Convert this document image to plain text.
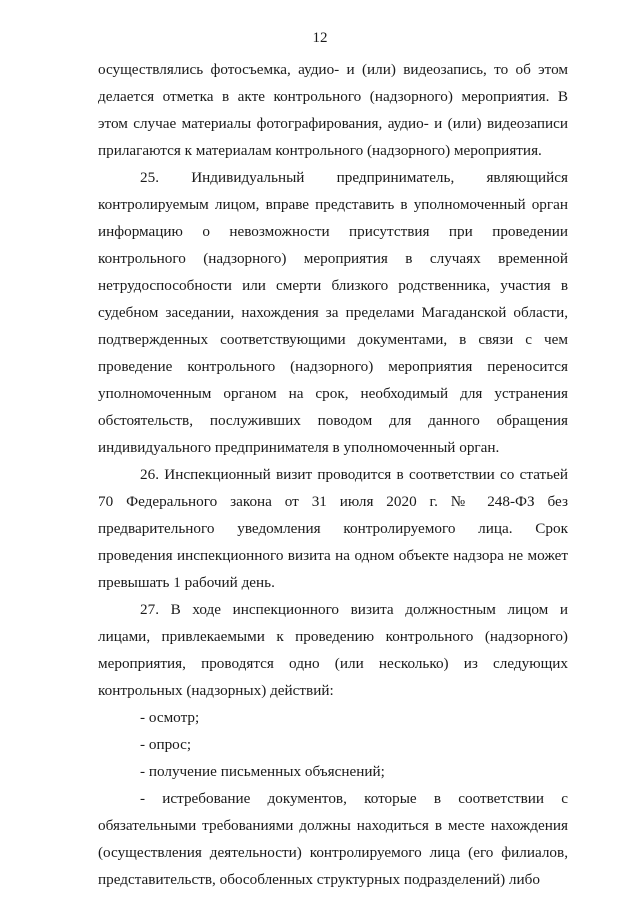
12

осуществлялись фотосъемка, аудио- и (или) видеозапись, то об этом делается отметка в акте контрольного (надзорного) мероприятия. В этом случае материалы фотографирования, аудио- и (или) видеозаписи прилагаются к материалам контрольного (надзорного) мероприятия.

25. Индивидуальный предприниматель, являющийся контролируемым лицом, вправе представить в уполномоченный орган информацию о невозможности присутствия при проведении контрольного (надзорного) мероприятия в случаях временной нетрудоспособности или смерти близкого родственника, участия в судебном заседании, нахождения за пределами Магаданской области, подтвержденных соответствующими документами, в связи с чем проведение контрольного (надзорного) мероприятия переносится уполномоченным органом на срок, необходимый для устранения обстоятельств, послуживших поводом для данного обращения индивидуального предпринимателя в уполномоченный орган.

26. Инспекционный визит проводится в соответствии со статьей 70 Федерального закона от 31 июля 2020 г. № 248-ФЗ без предварительного уведомления контролируемого лица. Срок проведения инспекционного визита на одном объекте надзора не может превышать 1 рабочий день.

27. В ходе инспекционного визита должностным лицом и лицами, привлекаемыми к проведению контрольного (надзорного) мероприятия, проводятся одно (или несколько) из следующих контрольных (надзорных) действий:

- осмотр;

- опрос;

- получение письменных объяснений;

- истребование документов, которые в соответствии с обязательными требованиями должны находиться в месте нахождения (осуществления деятельности) контролируемого лица (его филиалов, представительств, обособленных структурных подразделений) либо
